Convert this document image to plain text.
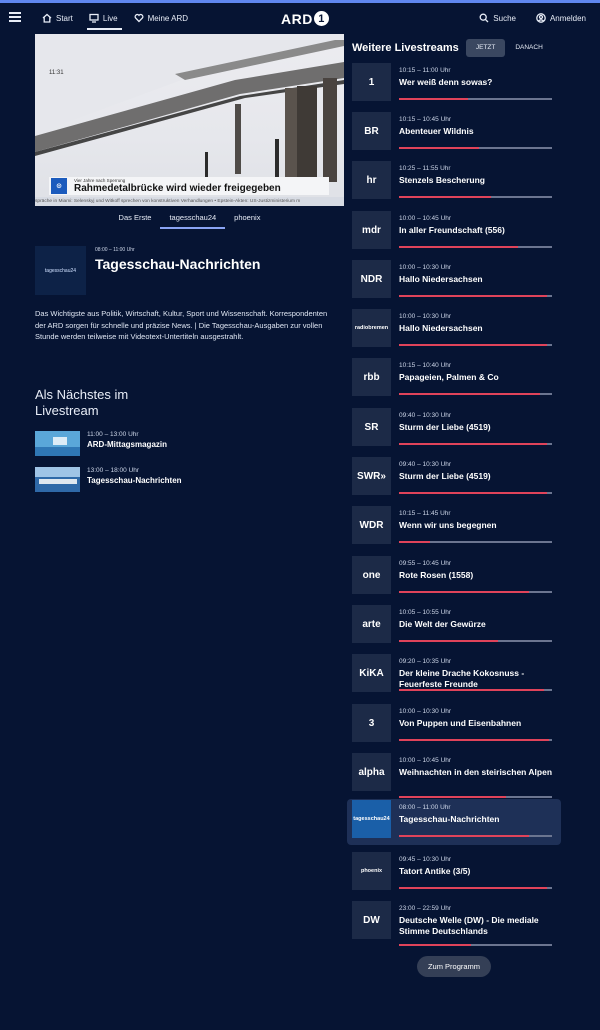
Start	Live	Meine ARD	ARD 1	Suche	Anmelden
11:31
⊙
Vier Jahre nach Sperrung
Rahmedetalbrücke wird wieder freigegeben
spräche in Miami: Selenskyj und Witkoff sprechen von konstruktiven Verhandlungen • Epstein-Akten: US-Justizministerium m
Das Erste	tagesschau24	phoenix
tagesschau24
08:00 – 11:00 Uhr
Tagesschau-Nachrichten

Das Wichtigste aus Politik, Wirtschaft, Kultur, Sport und Wissenschaft. Korrespondenten der ARD sorgen für schnelle und präzise News. | Die Tagesschau-Ausgaben zur vollen Stunde werden teilweise mit Videotext-Untertiteln ausgestrahlt.

Als Nächstes im Livestream
11:00 – 13:00 Uhr
ARD-Mittagsmagazin
13:00 – 18:00 Uhr
Tagesschau-Nachrichten
Weitere Livestreams	JETZT	DANACH
1
10:15 – 11:00 Uhr
Wer weiß denn sowas?
BR
10:15 – 10:45 Uhr
Abenteuer Wildnis
hr
10:25 – 11:55 Uhr
Stenzels Bescherung
mdr
10:00 – 10:45 Uhr
In aller Freundschaft (556)
NDR
10:00 – 10:30 Uhr
Hallo Niedersachsen
radiobremen
10:00 – 10:30 Uhr
Hallo Niedersachsen
rbb
10:15 – 10:40 Uhr
Papageien, Palmen & Co
SR
09:40 – 10:30 Uhr
Sturm der Liebe (4519)
SWR»
09:40 – 10:30 Uhr
Sturm der Liebe (4519)
WDR
10:15 – 11:45 Uhr
Wenn wir uns begegnen
one
09:55 – 10:45 Uhr
Rote Rosen (1558)
arte
10:05 – 10:55 Uhr
Die Welt der Gewürze
KiKA
09:20 – 10:35 Uhr
Der kleine Drache Kokosnuss - Feuerfeste Freunde
3
10:00 – 10:30 Uhr
Von Puppen und Eisenbahnen
alpha
10:00 – 10:45 Uhr
Weihnachten in den steirischen Alpen
tagesschau24
08:00 – 11:00 Uhr
Tagesschau-Nachrichten
phoenix
09:45 – 10:30 Uhr
Tatort Antike (3/5)
DW
23:00 – 22:59 Uhr
Deutsche Welle (DW) - Die mediale Stimme Deutschlands
Zum Programm
